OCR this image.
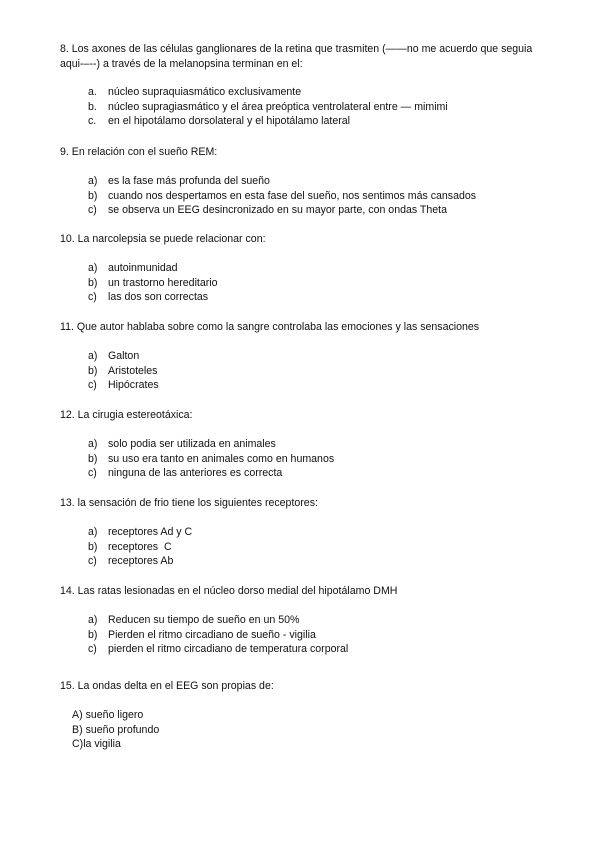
8. Los axones de las células ganglionares de la retina que trasmiten (——no me acuerdo que seguia aqui-–--) a través de la melanopsina terminan en el:
a.	núcleo supraquiasmático exclusivamente
b.	núcleo supragiasmático y el área preóptica ventrolateral entre — mimimi
c.	en el hipotálamo dorsolateral y el hipotálamo lateral
9. En relación con el sueño REM:
a) es la fase más profunda del sueño
b) cuando nos despertamos en esta fase del sueño, nos sentimos más cansados
c)	se observa un EEG desincronizado en su mayor parte, con ondas Theta
10. La narcolepsia se puede relacionar con:
a) autoinmunidad
b) un trastorno hereditario
c)	las dos son correctas
11. Que autor hablaba sobre como la sangre controlaba las emociones y las sensaciones
a) Galton
b) Aristoteles
c)	Hipócrates
12. La cirugia estereotáxica:
a) solo podia ser utilizada en animales
b) su uso era tanto en animales como en humanos
c)	ninguna de las anteriores es correcta
13. la sensación de frio tiene los siguientes receptores:
a) receptores Ad y C
b) receptores  C
c)	receptores Ab
14. Las ratas lesionadas en el núcleo dorso medial del hipotálamo DMH
a) Reducen su tiempo de sueño en un 50%
b) Pierden el ritmo circadiano de sueño - vigilia
c)	pierden el ritmo circadiano de temperatura corporal
15. La ondas delta en el EEG son propias de:
A) sueño ligero
B) sueño profundo
C) la vigilia
